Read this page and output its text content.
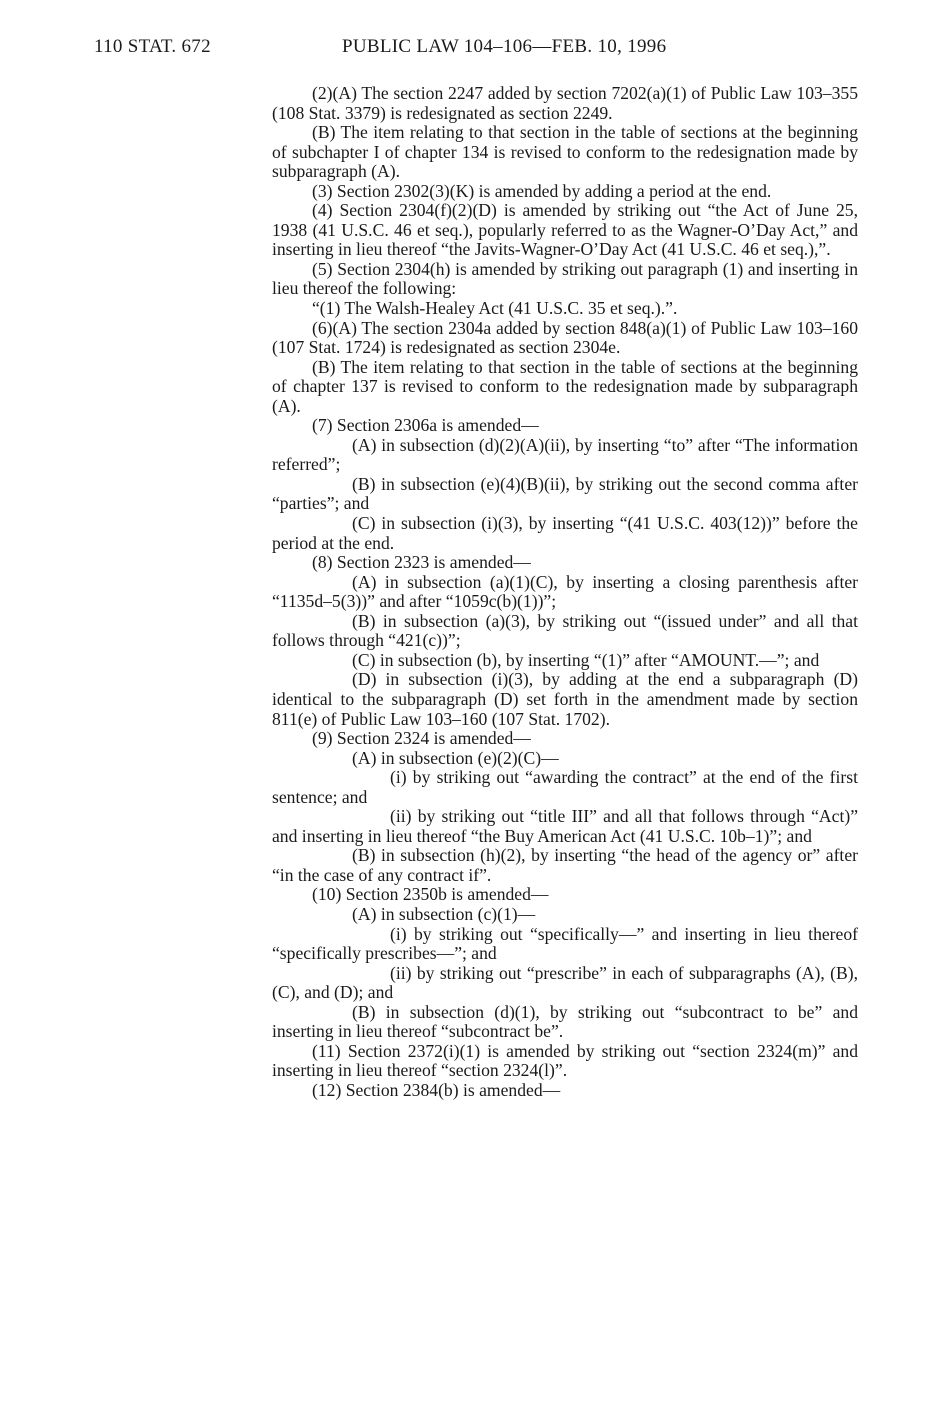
110 STAT. 672	PUBLIC LAW 104–106—FEB. 10, 1996

(2)(A) The section 2247 added by section 7202(a)(1) of Public Law 103–355 (108 Stat. 3379) is redesignated as section 2249.

(B) The item relating to that section in the table of sections at the beginning of subchapter I of chapter 134 is revised to conform to the redesignation made by subparagraph (A).

(3) Section 2302(3)(K) is amended by adding a period at the end.

(4) Section 2304(f)(2)(D) is amended by striking out “the Act of June 25, 1938 (41 U.S.C. 46 et seq.), popularly referred to as the Wagner-O’Day Act,” and inserting in lieu thereof “the Javits-Wagner-O’Day Act (41 U.S.C. 46 et seq.),”.

(5) Section 2304(h) is amended by striking out paragraph (1) and inserting in lieu thereof the following:

“(1) The Walsh-Healey Act (41 U.S.C. 35 et seq.).”.

(6)(A) The section 2304a added by section 848(a)(1) of Public Law 103–160 (107 Stat. 1724) is redesignated as section 2304e.

(B) The item relating to that section in the table of sections at the beginning of chapter 137 is revised to conform to the redesignation made by subparagraph (A).

(7) Section 2306a is amended—

(A) in subsection (d)(2)(A)(ii), by inserting “to” after “The information referred”;

(B) in subsection (e)(4)(B)(ii), by striking out the second comma after “parties”; and

(C) in subsection (i)(3), by inserting “(41 U.S.C. 403(12))” before the period at the end.

(8) Section 2323 is amended—

(A) in subsection (a)(1)(C), by inserting a closing parenthesis after “1135d–5(3))” and after “1059c(b)(1))”;

(B) in subsection (a)(3), by striking out “(issued under” and all that follows through “421(c))”;

(C) in subsection (b), by inserting “(1)” after “AMOUNT.—”; and

(D) in subsection (i)(3), by adding at the end a subparagraph (D) identical to the subparagraph (D) set forth in the amendment made by section 811(e) of Public Law 103–160 (107 Stat. 1702).

(9) Section 2324 is amended—

(A) in subsection (e)(2)(C)—

(i) by striking out “awarding the contract” at the end of the first sentence; and

(ii) by striking out “title III” and all that follows through “Act)” and inserting in lieu thereof “the Buy American Act (41 U.S.C. 10b–1)”; and

(B) in subsection (h)(2), by inserting “the head of the agency or” after “in the case of any contract if”.

(10) Section 2350b is amended—

(A) in subsection (c)(1)—

(i) by striking out “specifically—” and inserting in lieu thereof “specifically prescribes—”; and

(ii) by striking out “prescribe” in each of subparagraphs (A), (B), (C), and (D); and

(B) in subsection (d)(1), by striking out “subcontract to be” and inserting in lieu thereof “subcontract be”.

(11) Section 2372(i)(1) is amended by striking out “section 2324(m)” and inserting in lieu thereof “section 2324(l)”.

(12) Section 2384(b) is amended—
